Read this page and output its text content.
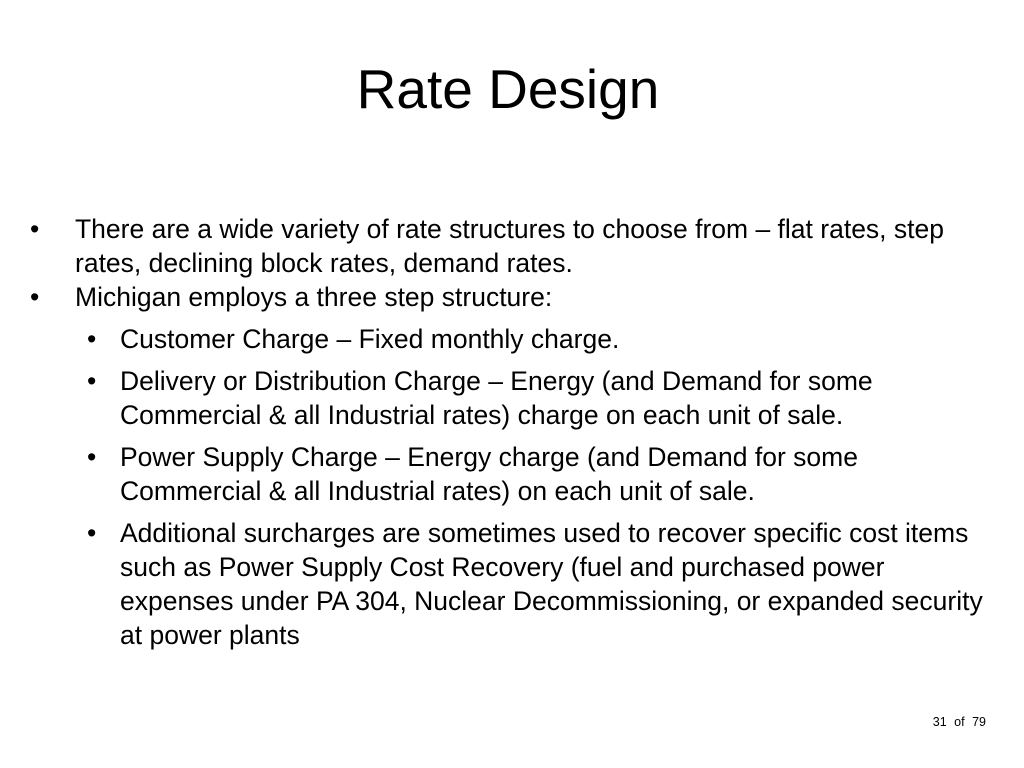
Rate Design

• There are a wide variety of rate structures to choose from – flat rates, step rates, declining block rates, demand rates.

• Michigan employs a three step structure:

• Customer Charge – Fixed monthly charge.

• Delivery or Distribution Charge – Energy (and Demand for some Commercial & all Industrial rates) charge on each unit of sale.

• Power Supply Charge – Energy charge (and Demand for some Commercial & all Industrial rates) on each unit of sale.

• Additional surcharges are sometimes used to recover specific cost items such as Power Supply Cost Recovery (fuel and purchased power expenses under PA 304, Nuclear Decommissioning, or expanded security at power plants

31 of 79
